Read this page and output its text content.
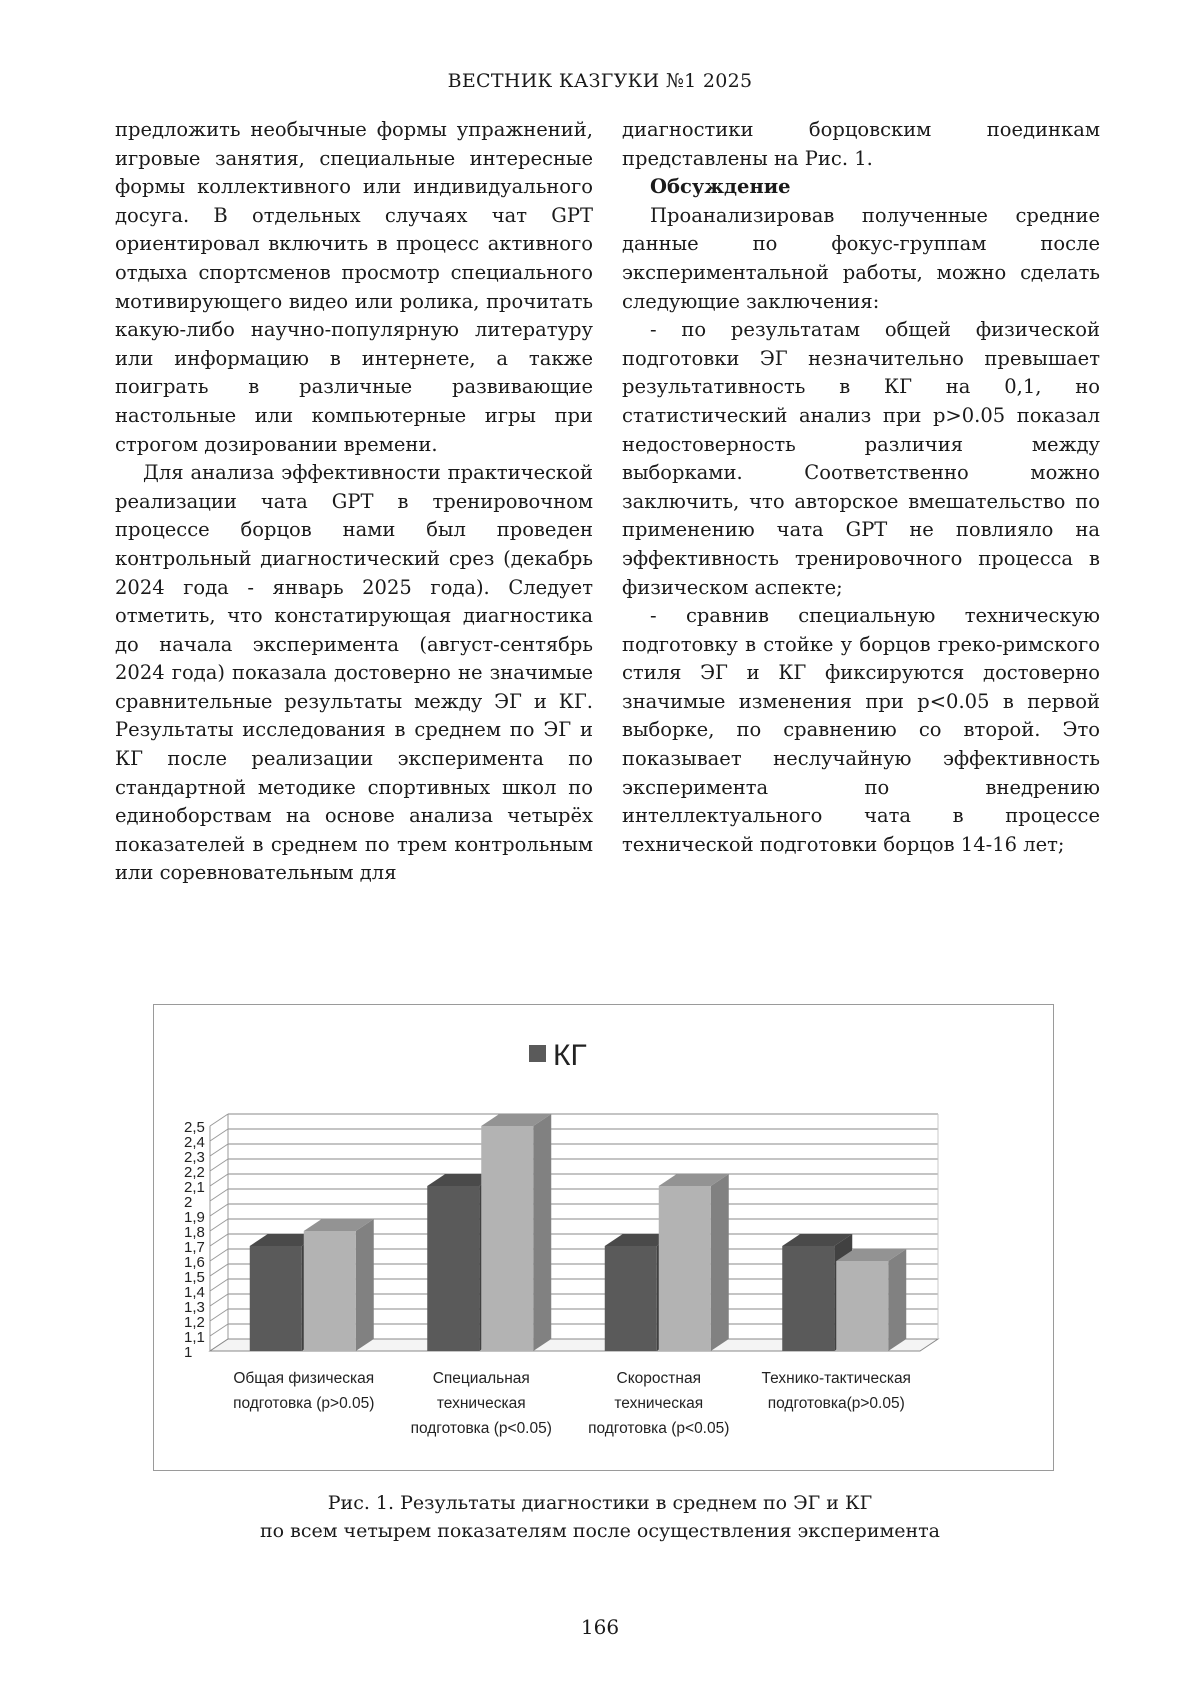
ВЕСТНИК КАЗГУКИ №1 2025

предложить необычные формы упражнений, игровые занятия, специальные интересные формы коллективного или индивидуального досуга. В отдельных случаях чат GPT ориентировал включить в процесс активного отдыха спортсменов просмотр специального мотивирующего видео или ролика, прочитать какую-либо научно-популярную литературу или информацию в интернете, а также поиграть в различные развивающие настольные или компьютерные игры при строгом дозировании времени.

Для анализа эффективности практической реализации чата GPT в тренировочном процессе борцов нами был проведен контрольный диагностический срез (декабрь 2024 года - январь 2025 года). Следует отметить, что констатирующая диагностика до начала эксперимента (август-сентябрь 2024 года) показала достоверно не значимые сравнительные результаты между ЭГ и КГ. Результаты исследования в среднем по ЭГ и КГ после реализации эксперимента по стандартной методике спортивных школ по единоборствам на основе анализа четырёх показателей в среднем по трем контрольным или соревновательным для

диагностики борцовским поединкам представлены на Рис. 1.

Обсуждение

Проанализировав полученные средние данные по фокус-группам после экспериментальной работы, можно сделать следующие заключения:

- по результатам общей физической подготовки ЭГ незначительно превышает результативность в КГ на 0,1, но статистический анализ при p>0.05 показал недостоверность различия между выборками. Соответственно можно заключить, что авторское вмешательство по применению чата GPT не повлияло на эффективность тренировочного процесса в физическом аспекте;

- сравнив специальную техническую подготовку в стойке у борцов греко-римского стиля ЭГ и КГ фиксируются достоверно значимые изменения при p<0.05 в первой выборке, по сравнению со второй. Это показывает неслучайную эффективность эксперимента по внедрению интеллектуального чата в процессе технической подготовки борцов 14-16 лет;

1
1,1
1,2
1,3
1,4
1,5
1,6
1,7
1,8
1,9
2
2,1
2,2
2,3
2,4
2,5
Общая физическая
подготовка (p>0.05)
Специальная
техническая
подготовка (p<0.05)
Скоростная
техническая
подготовка (p<0.05)
Технико-тактическая
подготовка(p>0.05)
КГ
Рис. 1. Результаты диагностики в среднем по ЭГ и КГ
по всем четырем показателям после осуществления эксперимента
166
